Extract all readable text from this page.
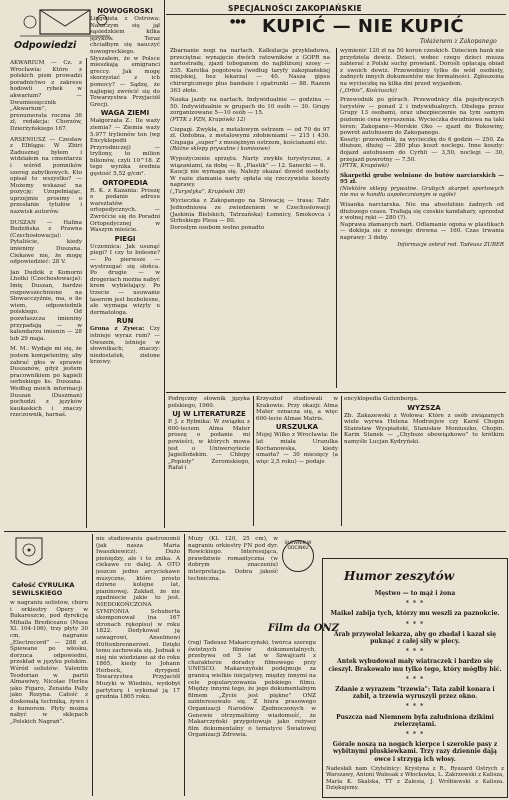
Odpowiedzi

AKWARIUM — Cz. z Wrocławia: Które z polskich pism prowadzi poradnictwo z zakresu hodowli rybek w akwarium? — Dwumiesięcznik „Akwarium”, prenumerata roczna 36 zł, redakcja: Chorzów, Dzierżyńskiego 167.

ARSENIUSZ — Czesław z Elbląga: W Zbiri Zadusznej byłem i widziałem na cmentarzu i wśród pomników szereg zabytkowych. Kto opisał to wszystko? — Możemy wskazać na pozycję: Uzupełniając, uprzejmie prosimy o przesłanie tytułów i nazwisk autorów.

DUSZAN — Halina Budzińska z Prawna (Czechosłowacja): Pytaliście, kiedy imieniny Duszana. Ciekawe nie, że mogę odpowiedzieć: 28 V.

Jan Dudzik z Komorni Lhotki (Czechosłowacja): Imię Duszan, bardzo rozpowszechnione na Słowacczyźnie, ma, o ile wiem, odpowiednik polskiego. Od pozwłaszcza imieniny przypadają — w kalendarzu imienin — 28 lub 29 maja.

M. M.: Wydaje mi się, że jestem kompetentny, aby zabrać głos w sprawie Duszanów, gdyż jestem pracownikiem po kąpieli serbskiego ks. Duszana. Według moich informacji Duszan (Duszman) pochodzi z języków kaukaskich i znaczy rzeczownik, harnaś.

NOWOGROSKI

Lingwista z Ostrowa: Naszczym się jął sąsiedzkiem kilka języków. Teraz chciałbym się nauczyć nowogreckiego. Słyszałem, że w Polsce mieszkają emigranci greccy. Jak mogę skorzystać z ich pomocy? — Sądzę, że najlepiej zwrócić się do Towarzystwa Przyjaciół Grecji.

WAGA ZIEMI

Małgorzata Z.: Ile waży ziemia? — Ziemia waży 5.977 trylionów ton (wg Encyklopedii Przyrodniczej) — tryliony, to milion bilionów, czyli 10^18. Z tego wynika średnia gęstość 5,52 g/cm³.

ORTOPEDIA

R. K. z Kazania: Proszę o podanie adresu warsztatów ortopedycznych. — Zwróćcie się do Poradni Ortopedycznej w Waszym mieście.

PIEGI

Uczennica: Jak usunąć piegi? I czy to bolesne? — Po pierwsze — wystrzegać się słońca. Po drugie — w drogeriach można nabyć krem wybielający. Po trzecie — usuwanie laserem jest bezbolesne, ale wymaga wizyty u dermatologa.

RUN

Grona z Zywca: Czy istnieje wyraz rum? — Owszem, istnieje w słownikach; znaczy: niedostatek, zielone krzewy.

SPECJALNOŚCI ZAKOPIAŃSKIE
●●● KUPIĆ — NIE KUPIĆ
Tołażenem z Zakopanego

Zbarnanie nogi na nartach. Kalkulacja przykładowa, przeciętna: wynajęcie dwóch ratowników z GOPR na nartostradę, zjazd toboganem do najbliższej szosy — 235. Karetka pogotowia (według taryfy zakopiańskiej miejskiej, bez lekarza) — 40. Nasza gipsu chirurgicznego plus bandaże i opatrunki — 88. Razem 363 złote.

Nauka jazdy na nartach. Indywidualnie — godzina — 50. Indywidualnie w grupach do 10 osób — 30. Grupy zorganizowane 5—10 osób — 15.

(PTTK z PZN, Krupówki 12)

Ciupagi. Zwykła, z metalowym ostrzem — od 70 do 97 zł. Ozdobna, z metalowymi zdobieniami — 215 i 430. Ciupaga „super” z mosiężnym ostrzem, kościanami etc.

(Różne sklepy prywatne i komisowe)

Wypożyczenie sprzętu. Narty zwykłe turystyczne, z wiązaniami, za dobę — 8. „Plastik” — 12. Sanecki — 6.

Kaucji nie wymaga się. Należy okazać dowód osobisty. W razie zlamania narty opłata się rzeczywiste koszty naprawy.

(„Turystyka”, Krupówki 38)

Wycieczka z Zakopanego na Słowację — trasa: Tatr. Jednodniowa ze zwiedzeniem w Czechosłowacji (Jaskinia Bielskich, Tatrzańska) Łomnicy, Smokovca i Strbskiego Plesa — 80.

Dorosłym osobom wolno ponadto

wymienić 120 zł na 50 koron czeskich. Dzieciom bank nie przydziela dewiz. Dzieci, wobec czego dzieci musza zabierać z Polski suchy prowiant. Dorośli opłacają obiad z swoich dewiz. Przewodnicy tylko do wód osobisty, żadnych innych dokumentów nie formalności. Zgłoszenia na wycieczkę na kilka dni przed wyjazdem.

(„Orbis”, Kościuszki)

Przewodnik po górach. Przewodnicy dla pojedynczych turystów — ponad 2 i indywidualnych. Obsługa przez Grupy 13 osobami, oraz ubezpieczenie na tym samym poziomie cena wyruszenia. Wycieczka dwudniowa na taki teren: Zakopane—Morskie Oko — zjazd do Bukowiny, powrót autobusem do Zakopanego.

Koszty: przewodnik, za wycieczkę do 6 godzin — 250. Za dłuższe, dłużej — 280 plus koszt noclegu. Inne koszty: dojazd autobusem do Cyrhli — 3,50, noclegi — 30, przejazd powrotny — 7.50.

(PTTK, Krupówki)

Skarpetki grube wełniane do butów narciarskich — 95 zł.

(Niektóre sklepy prywatne. Grubych skarpet sportowych nie ma w handlu uspołecznionym w ogóle)

Wisanka narciarska. Nie ma absolutnie żadnych od dłuższego czasu. Trafiają się czeskie kandahary, sprzedaż z wolnej ręki — 280 (?).

Naprawa złamanych nart. Odlamanie ogona w plastikach — dokleja sie z nowego drewna — 160. Czas trwania naprawy: 3 doby.

Informacje zebrał red. Tadeusz ZUBER

Podręczny słownik języka polskiego, 1960.

UJ W LITERATURZE

P. J. z Rybnika: W związku z 600-leciem Alma Mater proszę o podanie mi powieści, w których mowa jest o Uniwersytecie Jagiellońskim. — Chłopy „Popioły” Żeromskiego, Rafał i

Krzysztof studiowali w Krakowie. Przy okazji: Alma Mater oznacza się, a więc 600-lecie Almae Matris.

URSZULKA

Mojej Wilko z Wrocławia: Ile lat miała Urszulka Kochanowska, kiedy umarła? — 30 miesięcy (a więc 2,5 roku) — podaje

encyklopedia Gutenberga.

WYZSZA

Zb. Zakazewski z Wołowa: Które z osób związanych wiele wyrwa Helena Modrzejew czy Karol Chopin Stanisław Wyspiański, Stanisław Moniuszko, Chopin. Karin Stanek — „Chybsze obowiązkowo” to krótkim namyśle Lucjan Kydryński.

Całość CYRULIKA SEWILSKIEGO

w nagraniu solistów, chóru i orkiestry Opery w Bukareszcie, pod dyrekcją Mihaila Brediceanu (Musa XL 104-106), trzy płyty 30 cm, nagranie „Electrecord” — 288 zł. Śpiewane po włosku, dorzuca odpowiedni, przekład w języku polskim. Wśród solistów: Valentin Teodorian w partii Almawiwy, Nicolae Herlea jako Figaro, Zenaida Pally jako Rozyna. Całość z doskonałą techniką, żywo i z humorem. Płyty można nabyć w sklepach „Polskich Nagrań”.

nie studiowaniu gastronomii (jak nasza Maria Iwaszkiewicz). Dużo pieniędzy, ale i to znika. A ciekawe co dalej. A OTO jeszcze jedno arcyciekawe muzyczne, które prosto dziwne kolejne lat, pianinowej. Zakład, że nie zgadniecie jakie to jest. NIEDOKOŃCZONA SYMFONIA Schuberta skomponował (na 167 stronach rękopisu) w roku 1822. Dedykował ją szwagrowi, Anselmowi Hüttenbrennerowi. Dzięki temu zachowała się. Jednak o niej nie wiedziano aż do roku 1865, kiedy to Johann Herbeck, dyrygent Towarzystwa Przyjaciół Muzyki w Wiedniu, wydobył partyturę i wykonał ją 17 grudnia 1865 roku.

Muzy (KL 120, 25 cm), w nagraniu orkiestry FN pod dyr. Rowickiego. Interesująca, prawdziwie romantyczna (w dobrym znaczeniu) interpretacja. Dobra jakość techniczna.

SŁOWNIK W ODCINKU
Film da ONZ

(rsg) Tadeusz Makarczyński, twórca szeregu świetnych filmów dokumentalnych, przebywa od 3 lat w Szwajcarii z charakterze doradcy filmowego przy UNESCO. Makarczyński podejmuje za granicą wielkie inicjatywy, między innymi na cele popularyzowania polskiego filmu. Między innymi tego, że jego dokumentalnym filmem „Życie jest piękne” ONZ zainteresowało się. Z biura prasowego Organizacji Narodów Zjednoczonych w Genewie otrzymaliśmy wiadomość, że Makarczyński przygotowuje jako reżyser film dokumentalny o tematyce Światowej Organizacji Zdrowia.

Humor zeszytów

Męstwo — to mąż i żona

* * *

Maikel zabija tych, którzy mu weszli za paznokcie.

* * *

Arab przywołał lekarza, aby go zbadał i kazał się puknąć z całej siły w plecy.

* * *

Antek wybudował mały wiatraczek i bardzo się cieszył. Brakowało mu tylko tego, który mógłby bić.

* * *

Zdanie z wyrazem "trzewia": Tata zabił konara i zabił, a trzewia wyruszyli przez okno.

* * *

Puszcza nad Niemnem była załudniona dzikimi zwierzętami.

* * *

Górale noszą na nogach kierpce i szerokie pasy z wybitnymi pluskiewkami. Trzy razy dziennie dają owce i strzygą ich włosy.

Nadesłali nam Czytelnicy: Krystyna z R., Ryszard Ostrych z Warszawy, Antoni Walesak z Włocławka, L. Zakrzewski z Kalisza, Maria K. Skalska, TT z Zalesia, J. Wróbiewski z Kalisza. Dziękujemy.
